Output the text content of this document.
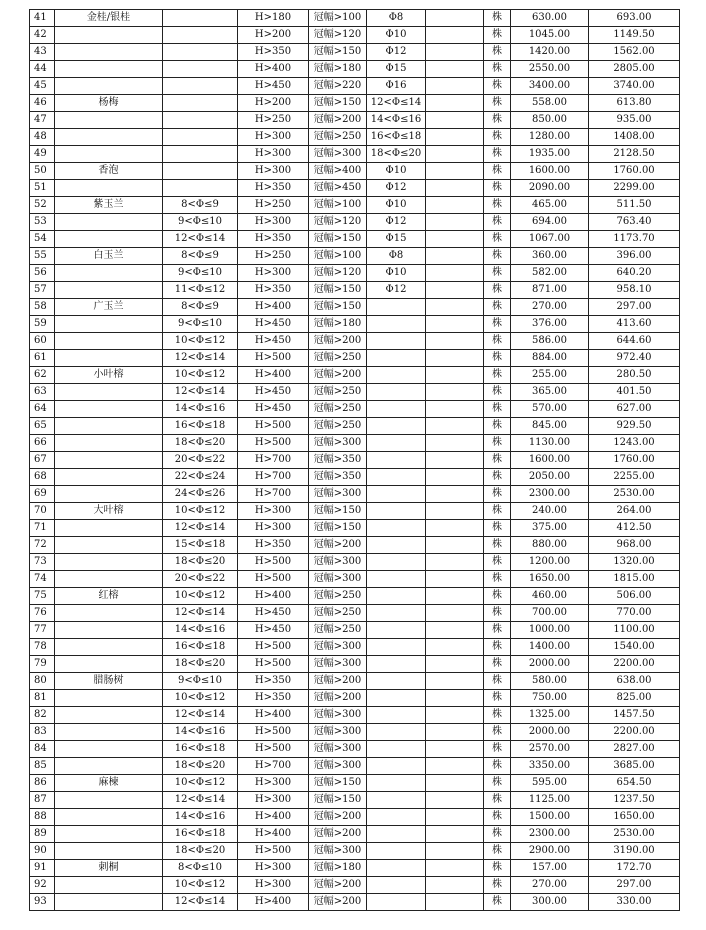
41	金桂/银桂		H>180	冠幅>100	Φ8		株	630.00	693.00
42			H>200	冠幅>120	Φ10		株	1045.00	1149.50
43			H>350	冠幅>150	Φ12		株	1420.00	1562.00
44			H>400	冠幅>180	Φ15		株	2550.00	2805.00
45			H>450	冠幅>220	Φ16		株	3400.00	3740.00
46	杨梅		H>200	冠幅>150	12<Φ≤14		株	558.00	613.80
47			H>250	冠幅>200	14<Φ≤16		株	850.00	935.00
48			H>300	冠幅>250	16<Φ≤18		株	1280.00	1408.00
49			H>300	冠幅>300	18<Φ≤20		株	1935.00	2128.50
50	香泡		H>300	冠幅>400	Φ10		株	1600.00	1760.00
51			H>350	冠幅>450	Φ12		株	2090.00	2299.00
52	紫玉兰	8<Φ≤9	H>250	冠幅>100	Φ10		株	465.00	511.50
53		9<Φ≤10	H>300	冠幅>120	Φ12		株	694.00	763.40
54		12<Φ≤14	H>350	冠幅>150	Φ15		株	1067.00	1173.70
55	白玉兰	8<Φ≤9	H>250	冠幅>100	Φ8		株	360.00	396.00
56		9<Φ≤10	H>300	冠幅>120	Φ10		株	582.00	640.20
57		11<Φ≤12	H>350	冠幅>150	Φ12		株	871.00	958.10
58	广玉兰	8<Φ≤9	H>400	冠幅>150			株	270.00	297.00
59		9<Φ≤10	H>450	冠幅>180			株	376.00	413.60
60		10<Φ≤12	H>450	冠幅>200			株	586.00	644.60
61		12<Φ≤14	H>500	冠幅>250			株	884.00	972.40
62	小叶榕	10<Φ≤12	H>400	冠幅>200			株	255.00	280.50
63		12<Φ≤14	H>450	冠幅>250			株	365.00	401.50
64		14<Φ≤16	H>450	冠幅>250			株	570.00	627.00
65		16<Φ≤18	H>500	冠幅>250			株	845.00	929.50
66		18<Φ≤20	H>500	冠幅>300			株	1130.00	1243.00
67		20<Φ≤22	H>700	冠幅>350			株	1600.00	1760.00
68		22<Φ≤24	H>700	冠幅>350			株	2050.00	2255.00
69		24<Φ≤26	H>700	冠幅>300			株	2300.00	2530.00
70	大叶榕	10<Φ≤12	H>300	冠幅>150			株	240.00	264.00
71		12<Φ≤14	H>300	冠幅>150			株	375.00	412.50
72		15<Φ≤18	H>350	冠幅>200			株	880.00	968.00
73		18<Φ≤20	H>500	冠幅>300			株	1200.00	1320.00
74		20<Φ≤22	H>500	冠幅>300			株	1650.00	1815.00
75	红榕	10<Φ≤12	H>400	冠幅>250			株	460.00	506.00
76		12<Φ≤14	H>450	冠幅>250			株	700.00	770.00
77		14<Φ≤16	H>450	冠幅>250			株	1000.00	1100.00
78		16<Φ≤18	H>500	冠幅>300			株	1400.00	1540.00
79		18<Φ≤20	H>500	冠幅>300			株	2000.00	2200.00
80	腊肠树	9<Φ≤10	H>350	冠幅>200			株	580.00	638.00
81		10<Φ≤12	H>350	冠幅>200			株	750.00	825.00
82		12<Φ≤14	H>400	冠幅>300			株	1325.00	1457.50
83		14<Φ≤16	H>500	冠幅>300			株	2000.00	2200.00
84		16<Φ≤18	H>500	冠幅>300			株	2570.00	2827.00
85		18<Φ≤20	H>700	冠幅>300			株	3350.00	3685.00
86	麻楝	10<Φ≤12	H>300	冠幅>150			株	595.00	654.50
87		12<Φ≤14	H>300	冠幅>150			株	1125.00	1237.50
88		14<Φ≤16	H>400	冠幅>200			株	1500.00	1650.00
89		16<Φ≤18	H>400	冠幅>200			株	2300.00	2530.00
90		18<Φ≤20	H>500	冠幅>300			株	2900.00	3190.00
91	刺桐	8<Φ≤10	H>300	冠幅>180			株	157.00	172.70
92		10<Φ≤12	H>300	冠幅>200			株	270.00	297.00
93		12<Φ≤14	H>400	冠幅>200			株	300.00	330.00
